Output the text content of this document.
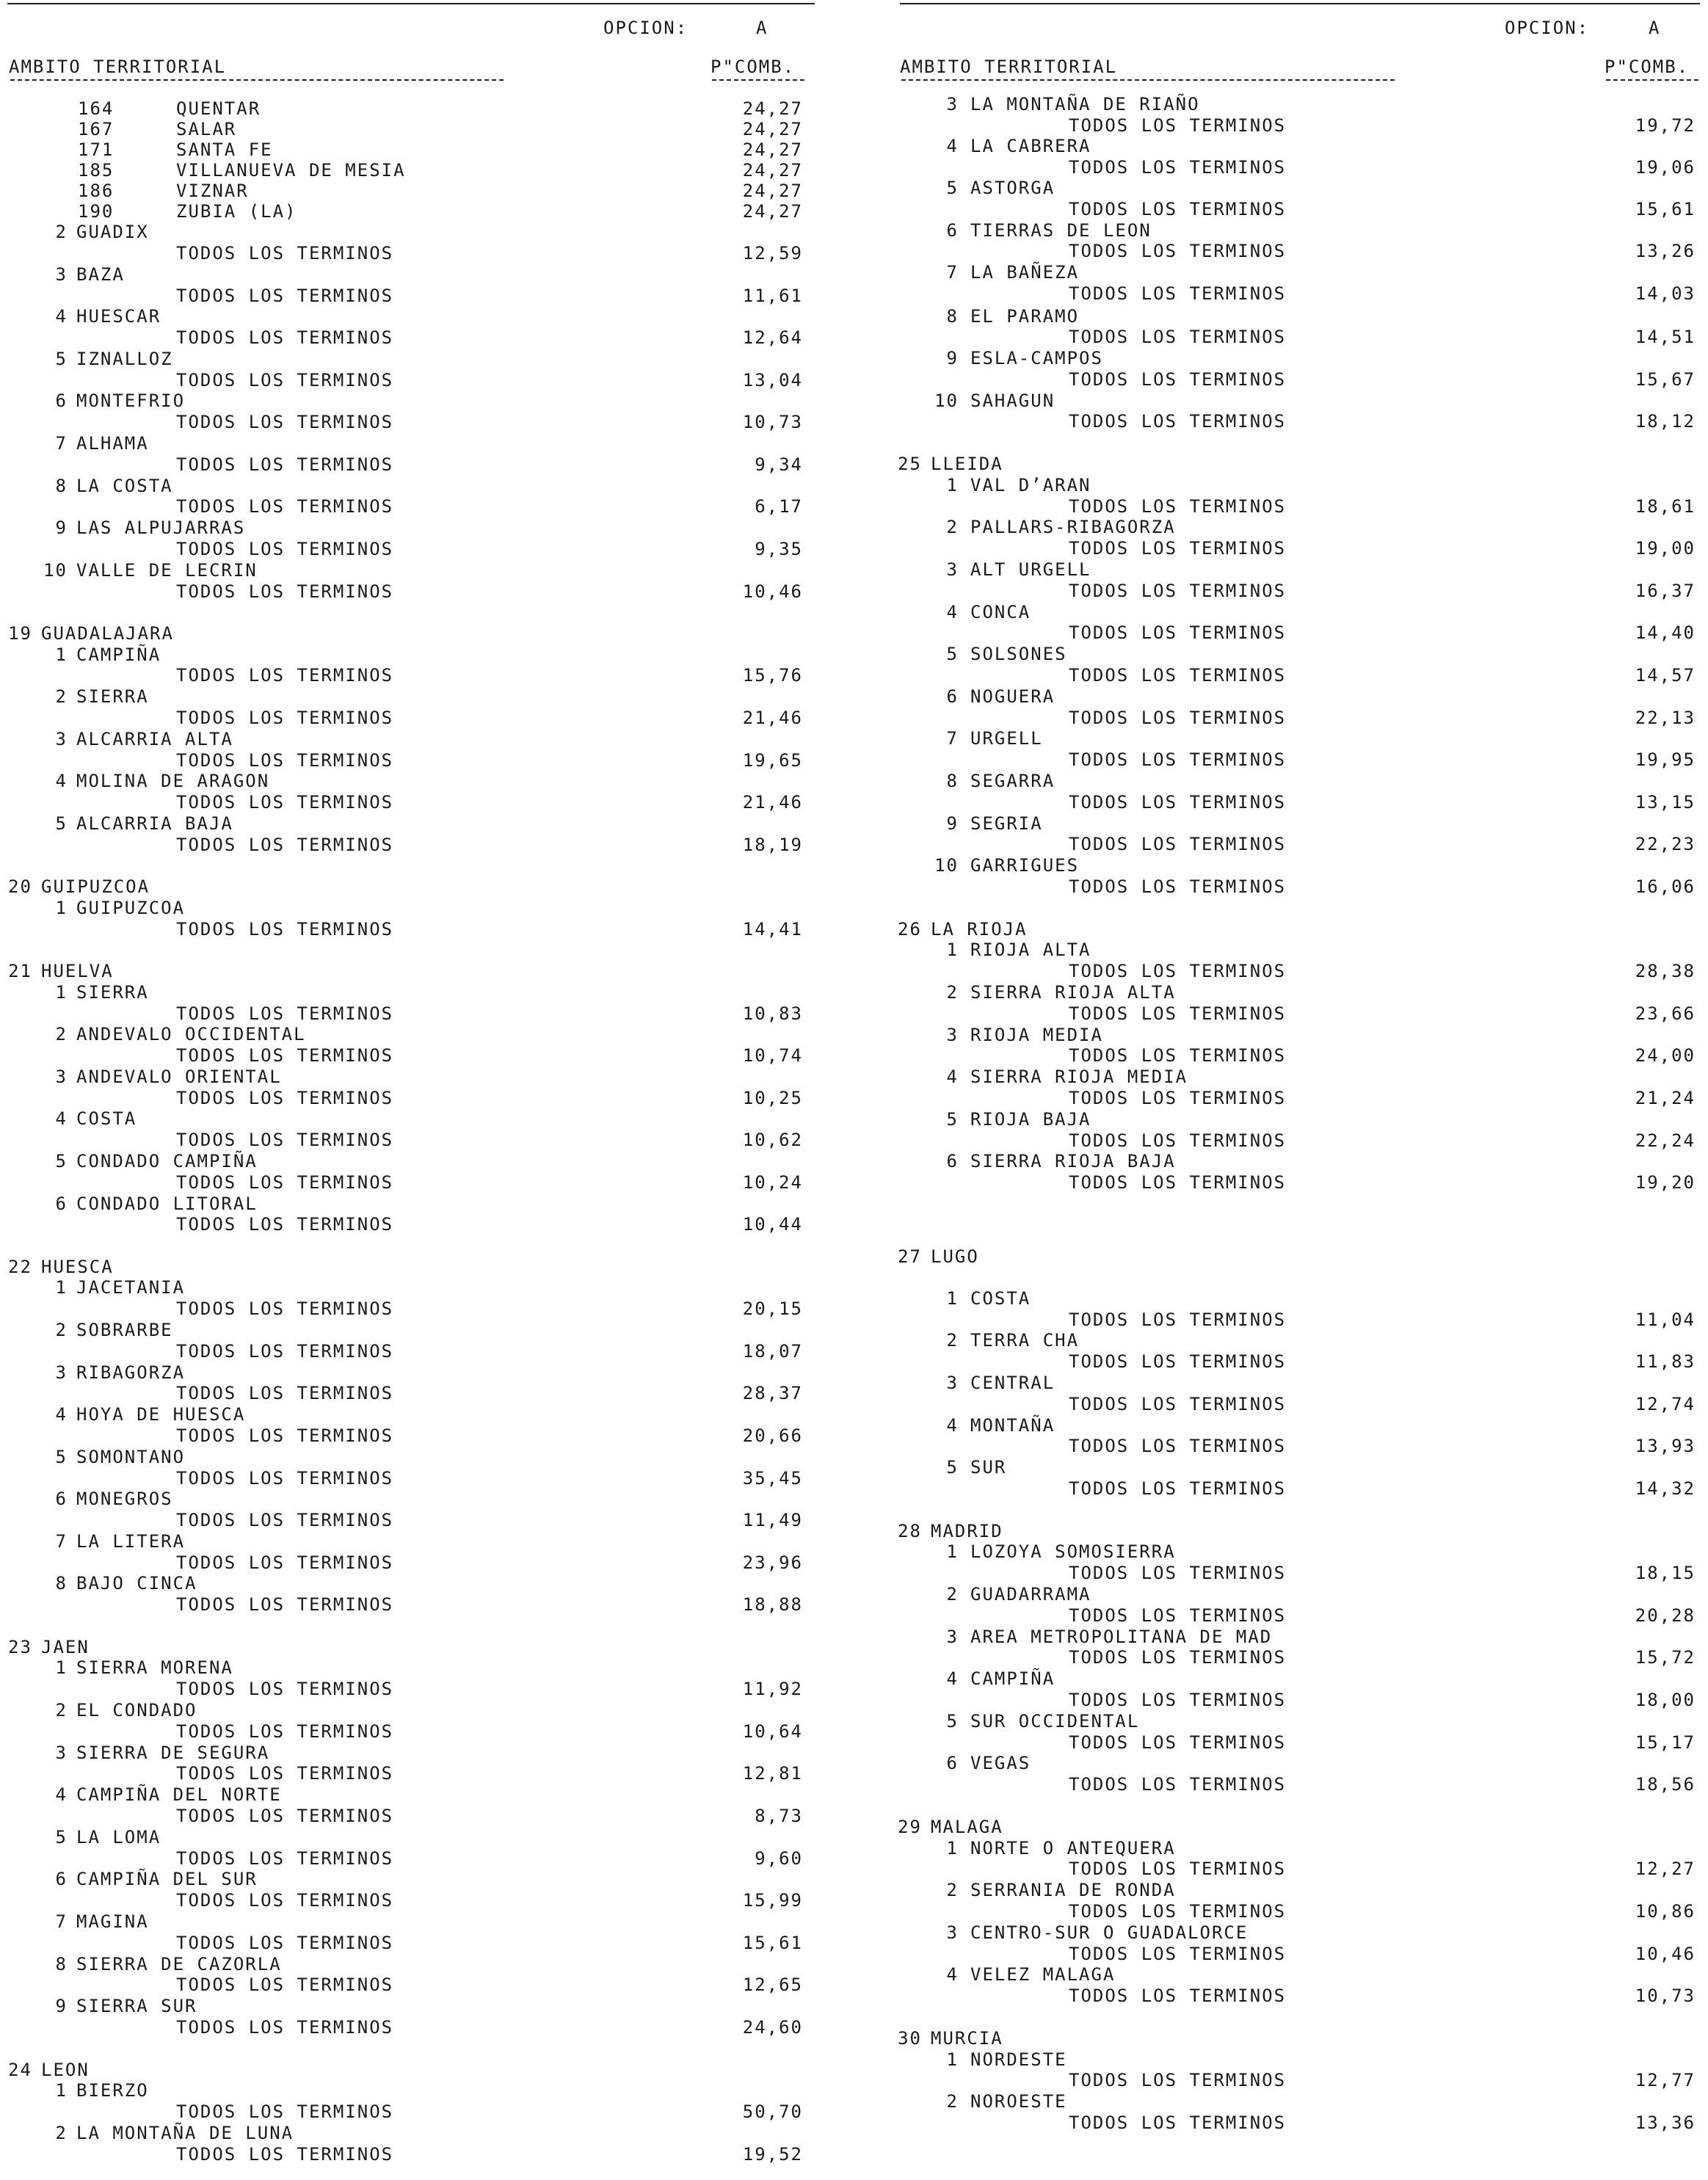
OPCION:	A
AMBITO TERRITORIAL	P"COMB.
164	QUENTAR	24,27
167	SALAR	24,27
171	SANTA FE	24,27
185	VILLANUEVA DE MESIA	24,27
186	VIZNAR	24,27
190	ZUBIA (LA)	24,27
2 GUADIX
TODOS LOS TERMINOS	12,59
3 BAZA
TODOS LOS TERMINOS	11,61
4 HUESCAR
TODOS LOS TERMINOS	12,64
5 IZNALLOZ
TODOS LOS TERMINOS	13,04
6 MONTEFRIO
TODOS LOS TERMINOS	10,73
7 ALHAMA
TODOS LOS TERMINOS	9,34
8 LA COSTA
TODOS LOS TERMINOS	6,17
9 LAS ALPUJARRAS
TODOS LOS TERMINOS	9,35
10 VALLE DE LECRIN
TODOS LOS TERMINOS	10,46
19 GUADALAJARA
1 CAMPIÑA
TODOS LOS TERMINOS	15,76
2 SIERRA
TODOS LOS TERMINOS	21,46
3 ALCARRIA ALTA
TODOS LOS TERMINOS	19,65
4 MOLINA DE ARAGON
TODOS LOS TERMINOS	21,46
5 ALCARRIA BAJA
TODOS LOS TERMINOS	18,19
20 GUIPUZCOA
1 GUIPUZCOA
TODOS LOS TERMINOS	14,41
21 HUELVA
1 SIERRA
TODOS LOS TERMINOS	10,83
2 ANDEVALO OCCIDENTAL
TODOS LOS TERMINOS	10,74
3 ANDEVALO ORIENTAL
TODOS LOS TERMINOS	10,25
4 COSTA
TODOS LOS TERMINOS	10,62
5 CONDADO CAMPIÑA
TODOS LOS TERMINOS	10,24
6 CONDADO LITORAL
TODOS LOS TERMINOS	10,44
22 HUESCA
1 JACETANIA
TODOS LOS TERMINOS	20,15
2 SOBRARBE
TODOS LOS TERMINOS	18,07
3 RIBAGORZA
TODOS LOS TERMINOS	28,37
4 HOYA DE HUESCA
TODOS LOS TERMINOS	20,66
5 SOMONTANO
TODOS LOS TERMINOS	35,45
6 MONEGROS
TODOS LOS TERMINOS	11,49
7 LA LITERA
TODOS LOS TERMINOS	23,96
8 BAJO CINCA
TODOS LOS TERMINOS	18,88
23 JAEN
1 SIERRA MORENA
TODOS LOS TERMINOS	11,92
2 EL CONDADO
TODOS LOS TERMINOS	10,64
3 SIERRA DE SEGURA
TODOS LOS TERMINOS	12,81
4 CAMPIÑA DEL NORTE
TODOS LOS TERMINOS	8,73
5 LA LOMA
TODOS LOS TERMINOS	9,60
6 CAMPIÑA DEL SUR
TODOS LOS TERMINOS	15,99
7 MAGINA
TODOS LOS TERMINOS	15,61
8 SIERRA DE CAZORLA
TODOS LOS TERMINOS	12,65
9 SIERRA SUR
TODOS LOS TERMINOS	24,60
24 LEON
1 BIERZO
TODOS LOS TERMINOS	50,70
2 LA MONTAÑA DE LUNA
TODOS LOS TERMINOS	19,52
OPCION:	A
AMBITO TERRITORIAL	P"COMB.
3 LA MONTAÑA DE RIAÑO
TODOS LOS TERMINOS	19,72
4 LA CABRERA
TODOS LOS TERMINOS	19,06
5 ASTORGA
TODOS LOS TERMINOS	15,61
6 TIERRAS DE LEON
TODOS LOS TERMINOS	13,26
7 LA BAÑEZA
TODOS LOS TERMINOS	14,03
8 EL PARAMO
TODOS LOS TERMINOS	14,51
9 ESLA-CAMPOS
TODOS LOS TERMINOS	15,67
10 SAHAGUN
TODOS LOS TERMINOS	18,12
25 LLEIDA
1 VAL D’ARAN
TODOS LOS TERMINOS	18,61
2 PALLARS-RIBAGORZA
TODOS LOS TERMINOS	19,00
3 ALT URGELL
TODOS LOS TERMINOS	16,37
4 CONCA
TODOS LOS TERMINOS	14,40
5 SOLSONES
TODOS LOS TERMINOS	14,57
6 NOGUERA
TODOS LOS TERMINOS	22,13
7 URGELL
TODOS LOS TERMINOS	19,95
8 SEGARRA
TODOS LOS TERMINOS	13,15
9 SEGRIA
TODOS LOS TERMINOS	22,23
10 GARRIGUES
TODOS LOS TERMINOS	16,06
26 LA RIOJA
1 RIOJA ALTA
TODOS LOS TERMINOS	28,38
2 SIERRA RIOJA ALTA
TODOS LOS TERMINOS	23,66
3 RIOJA MEDIA
TODOS LOS TERMINOS	24,00
4 SIERRA RIOJA MEDIA
TODOS LOS TERMINOS	21,24
5 RIOJA BAJA
TODOS LOS TERMINOS	22,24
6 SIERRA RIOJA BAJA
TODOS LOS TERMINOS	19,20
27 LUGO
1 COSTA
TODOS LOS TERMINOS	11,04
2 TERRA CHA
TODOS LOS TERMINOS	11,83
3 CENTRAL
TODOS LOS TERMINOS	12,74
4 MONTAÑA
TODOS LOS TERMINOS	13,93
5 SUR
TODOS LOS TERMINOS	14,32
28 MADRID
1 LOZOYA SOMOSIERRA
TODOS LOS TERMINOS	18,15
2 GUADARRAMA
TODOS LOS TERMINOS	20,28
3 AREA METROPOLITANA DE MAD
TODOS LOS TERMINOS	15,72
4 CAMPIÑA
TODOS LOS TERMINOS	18,00
5 SUR OCCIDENTAL
TODOS LOS TERMINOS	15,17
6 VEGAS
TODOS LOS TERMINOS	18,56
29 MALAGA
1 NORTE O ANTEQUERA
TODOS LOS TERMINOS	12,27
2 SERRANIA DE RONDA
TODOS LOS TERMINOS	10,86
3 CENTRO-SUR O GUADALORCE
TODOS LOS TERMINOS	10,46
4 VELEZ MALAGA
TODOS LOS TERMINOS	10,73
30 MURCIA
1 NORDESTE
TODOS LOS TERMINOS	12,77
2 NOROESTE
TODOS LOS TERMINOS	13,36
